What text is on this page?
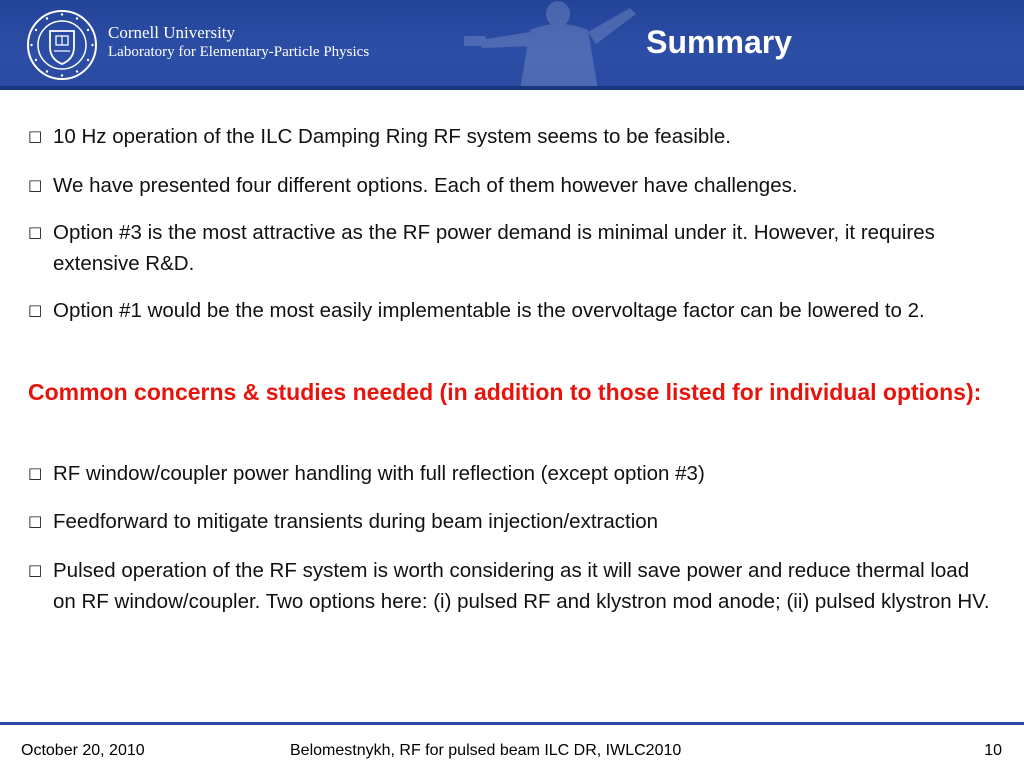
Cornell University
Laboratory for Elementary-Particle Physics	Summary
□ 10 Hz operation of the ILC Damping Ring RF system seems to be feasible.
□ We have presented four different options. Each of them however have challenges.
□ Option #3 is the most attractive as the RF power demand is minimal under it. However, it requires extensive R&D.
□ Option #1 would be the most easily implementable is the overvoltage factor can be lowered to 2.
Common concerns & studies needed (in addition to those listed for individual options):
□ RF window/coupler power handling with full reflection (except option #3)
□ Feedforward to mitigate transients during beam injection/extraction
□ Pulsed operation of the RF system is worth considering as it will save power and reduce thermal load on RF window/coupler. Two options here: (i) pulsed RF and klystron mod anode; (ii) pulsed klystron HV.
October 20, 2010	Belomestnykh, RF for pulsed beam ILC DR, IWLC2010	10
